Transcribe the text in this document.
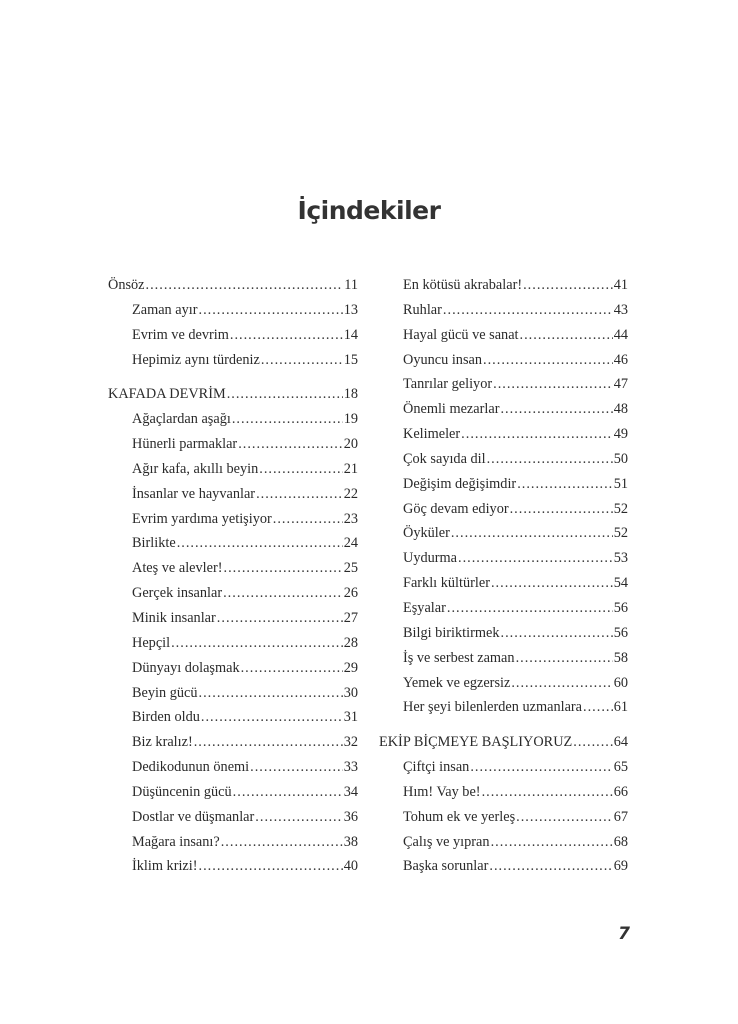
İçindekiler
Önsöz .....	11
Zaman ayır .....	13
Evrim ve devrim .....	14
Hepimiz aynı türdeniz .....	15
KAFADA DEVRİM .....	18
Ağaçlardan aşağı .....	19
Hünerli parmaklar .....	20
Ağır kafa, akıllı beyin .....	21
İnsanlar ve hayvanlar .....	22
Evrim yardıma yetişiyor .....	23
Birlikte .....	24
Ateş ve alevler! .....	25
Gerçek insanlar .....	26
Minik insanlar .....	27
Hepçil .....	28
Dünyayı dolaşmak .....	29
Beyin gücü .....	30
Birden oldu .....	31
Biz kralız! .....	32
Dedikodunun önemi .....	33
Düşüncenin gücü .....	34
Dostlar ve düşmanlar .....	36
Mağara insanı? .....	38
İklim krizi! .....	40
En kötüsü akrabalar! .....	41
Ruhlar .....	43
Hayal gücü ve sanat .....	44
Oyuncu insan .....	46
Tanrılar geliyor .....	47
Önemli mezarlar .....	48
Kelimeler .....	49
Çok sayıda dil .....	50
Değişim değişimdir .....	51
Göç devam ediyor .....	52
Öyküler .....	52
Uydurma .....	53
Farklı kültürler .....	54
Eşyalar .....	56
Bilgi biriktirmek .....	56
İş ve serbest zaman .....	58
Yemek ve egzersiz .....	60
Her şeyi bilenlerden uzmanlara ..... 61
EKİP BİÇMEYE BAŞLIYORUZ .....	64
Çiftçi insan .....	65
Hım! Vay be! .....	66
Tohum ek ve yerleş .....	67
Çalış ve yıpran .....	68
Başka sorunlar .....	69
7
